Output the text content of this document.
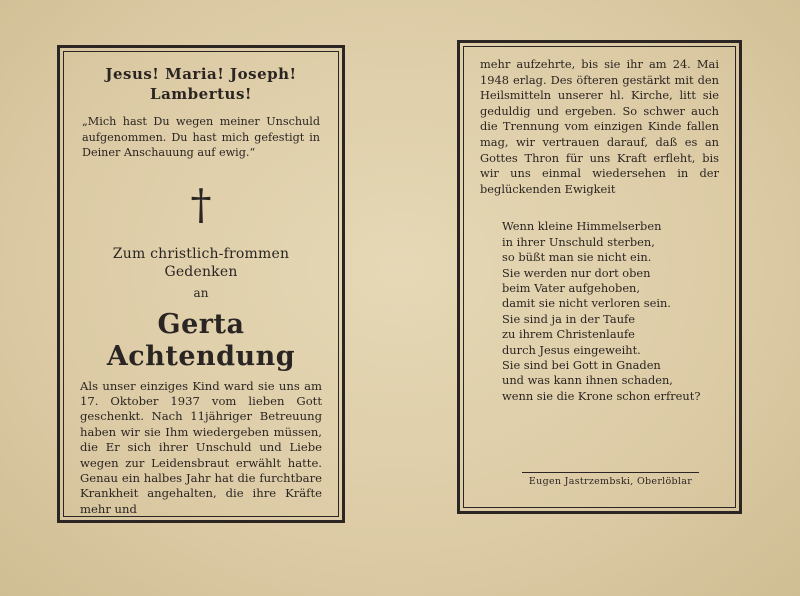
Jesus! Maria! Joseph!
Lambertus!
„Mich hast Du wegen meiner Unschuld aufgenommen. Du hast mich gefestigt in Deiner Anschauung auf ewig.“
†
Zum christlich-frommen Gedenken
an
Gerta Achtendung
Als unser einziges Kind ward sie uns am 17. Oktober 1937 vom lieben Gott geschenkt. Nach 11jähriger Betreuung haben wir sie Ihm wiedergeben müssen, die Er sich ihrer Unschuld und Liebe wegen zur Leidensbraut erwählt hatte. Genau ein halbes Jahr hat die furchtbare Krankheit angehalten, die ihre Kräfte mehr und
mehr aufzehrte, bis sie ihr am 24. Mai 1948 erlag. Des öfteren gestärkt mit den Heilsmitteln unserer hl. Kirche, litt sie geduldig und ergeben. So schwer auch die Trennung vom einzigen Kinde fallen mag, wir vertrauen darauf, daß es an Gottes Thron für uns Kraft erfleht, bis wir uns einmal wiedersehen in der beglückenden Ewigkeit
Wenn kleine Himmelserben
in ihrer Unschuld sterben,
so büßt man sie nicht ein.
Sie werden nur dort oben
beim Vater aufgehoben,
damit sie nicht verloren sein.
Sie sind ja in der Taufe
zu ihrem Christenlaufe
durch Jesus eingeweiht.
Sie sind bei Gott in Gnaden
und was kann ihnen schaden,
wenn sie die Krone schon erfreut?
Eugen Jastrzembski, Oberlöblar
